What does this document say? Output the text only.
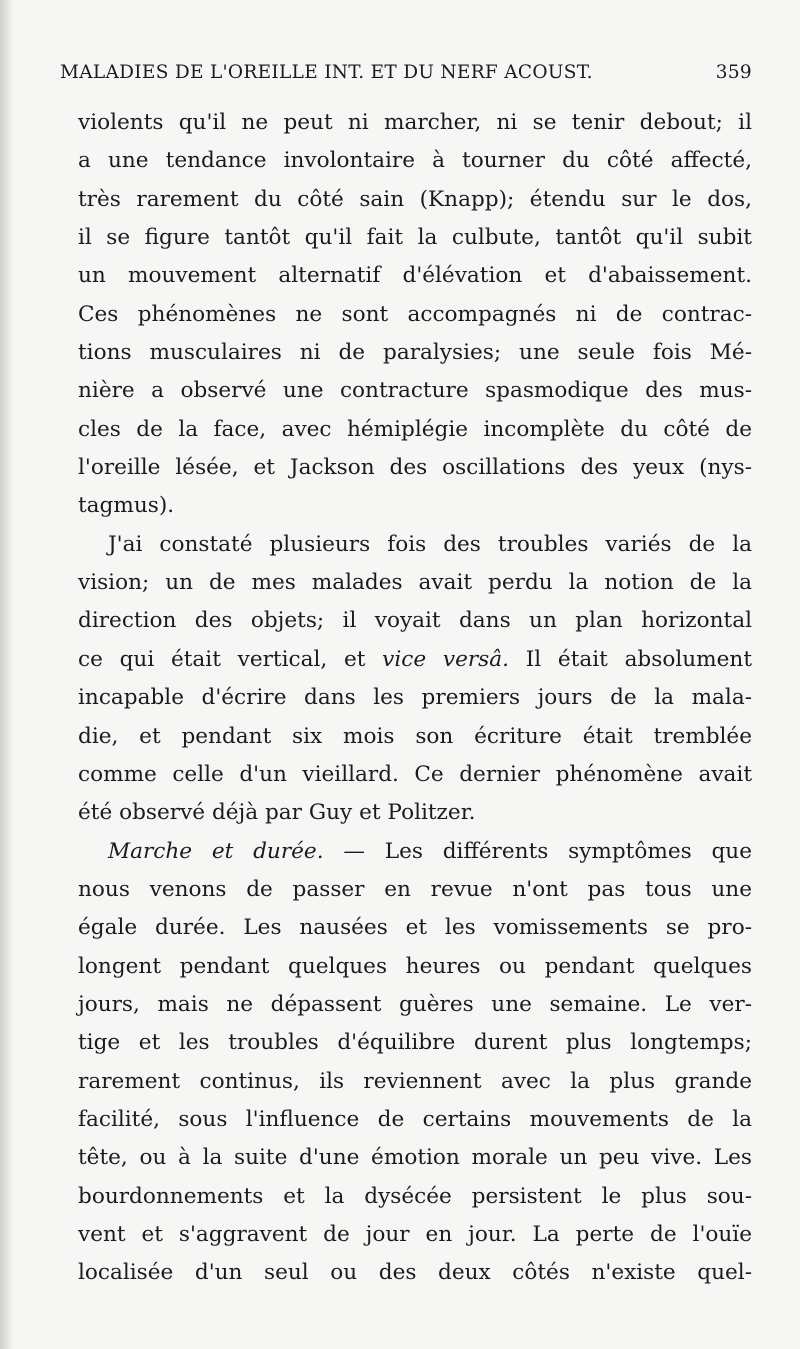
MALADIES DE L'OREILLE INT. ET DU NERF ACOUST.	359
violents qu'il ne peut ni marcher, ni se tenir debout; il
a une tendance involontaire à tourner du côté affecté,
très rarement du côté sain (Knapp); étendu sur le dos,
il se figure tantôt qu'il fait la culbute, tantôt qu'il subit
un mouvement alternatif d'élévation et d'abaissement.
Ces phénomènes ne sont accompagnés ni de contrac-
tions musculaires ni de paralysies; une seule fois Mé-
nière a observé une contracture spasmodique des mus-
cles de la face, avec hémiplégie incomplète du côté de
l'oreille lésée, et Jackson des oscillations des yeux (nys-
tagmus).
J'ai constaté plusieurs fois des troubles variés de la
vision; un de mes malades avait perdu la notion de la
direction des objets; il voyait dans un plan horizontal
ce qui était vertical, et vice versâ. Il était absolument
incapable d'écrire dans les premiers jours de la mala-
die, et pendant six mois son écriture était tremblée
comme celle d'un vieillard. Ce dernier phénomène avait
été observé déjà par Guy et Politzer.
Marche et durée. — Les différents symptômes que
nous venons de passer en revue n'ont pas tous une
égale durée. Les nausées et les vomissements se pro-
longent pendant quelques heures ou pendant quelques
jours, mais ne dépassent guères une semaine. Le ver-
tige et les troubles d'équilibre durent plus longtemps;
rarement continus, ils reviennent avec la plus grande
facilité, sous l'influence de certains mouvements de la
tête, ou à la suite d'une émotion morale un peu vive. Les
bourdonnements et la dysécée persistent le plus sou-
vent et s'aggravent de jour en jour. La perte de l'ouïe
localisée d'un seul ou des deux côtés n'existe quel-
